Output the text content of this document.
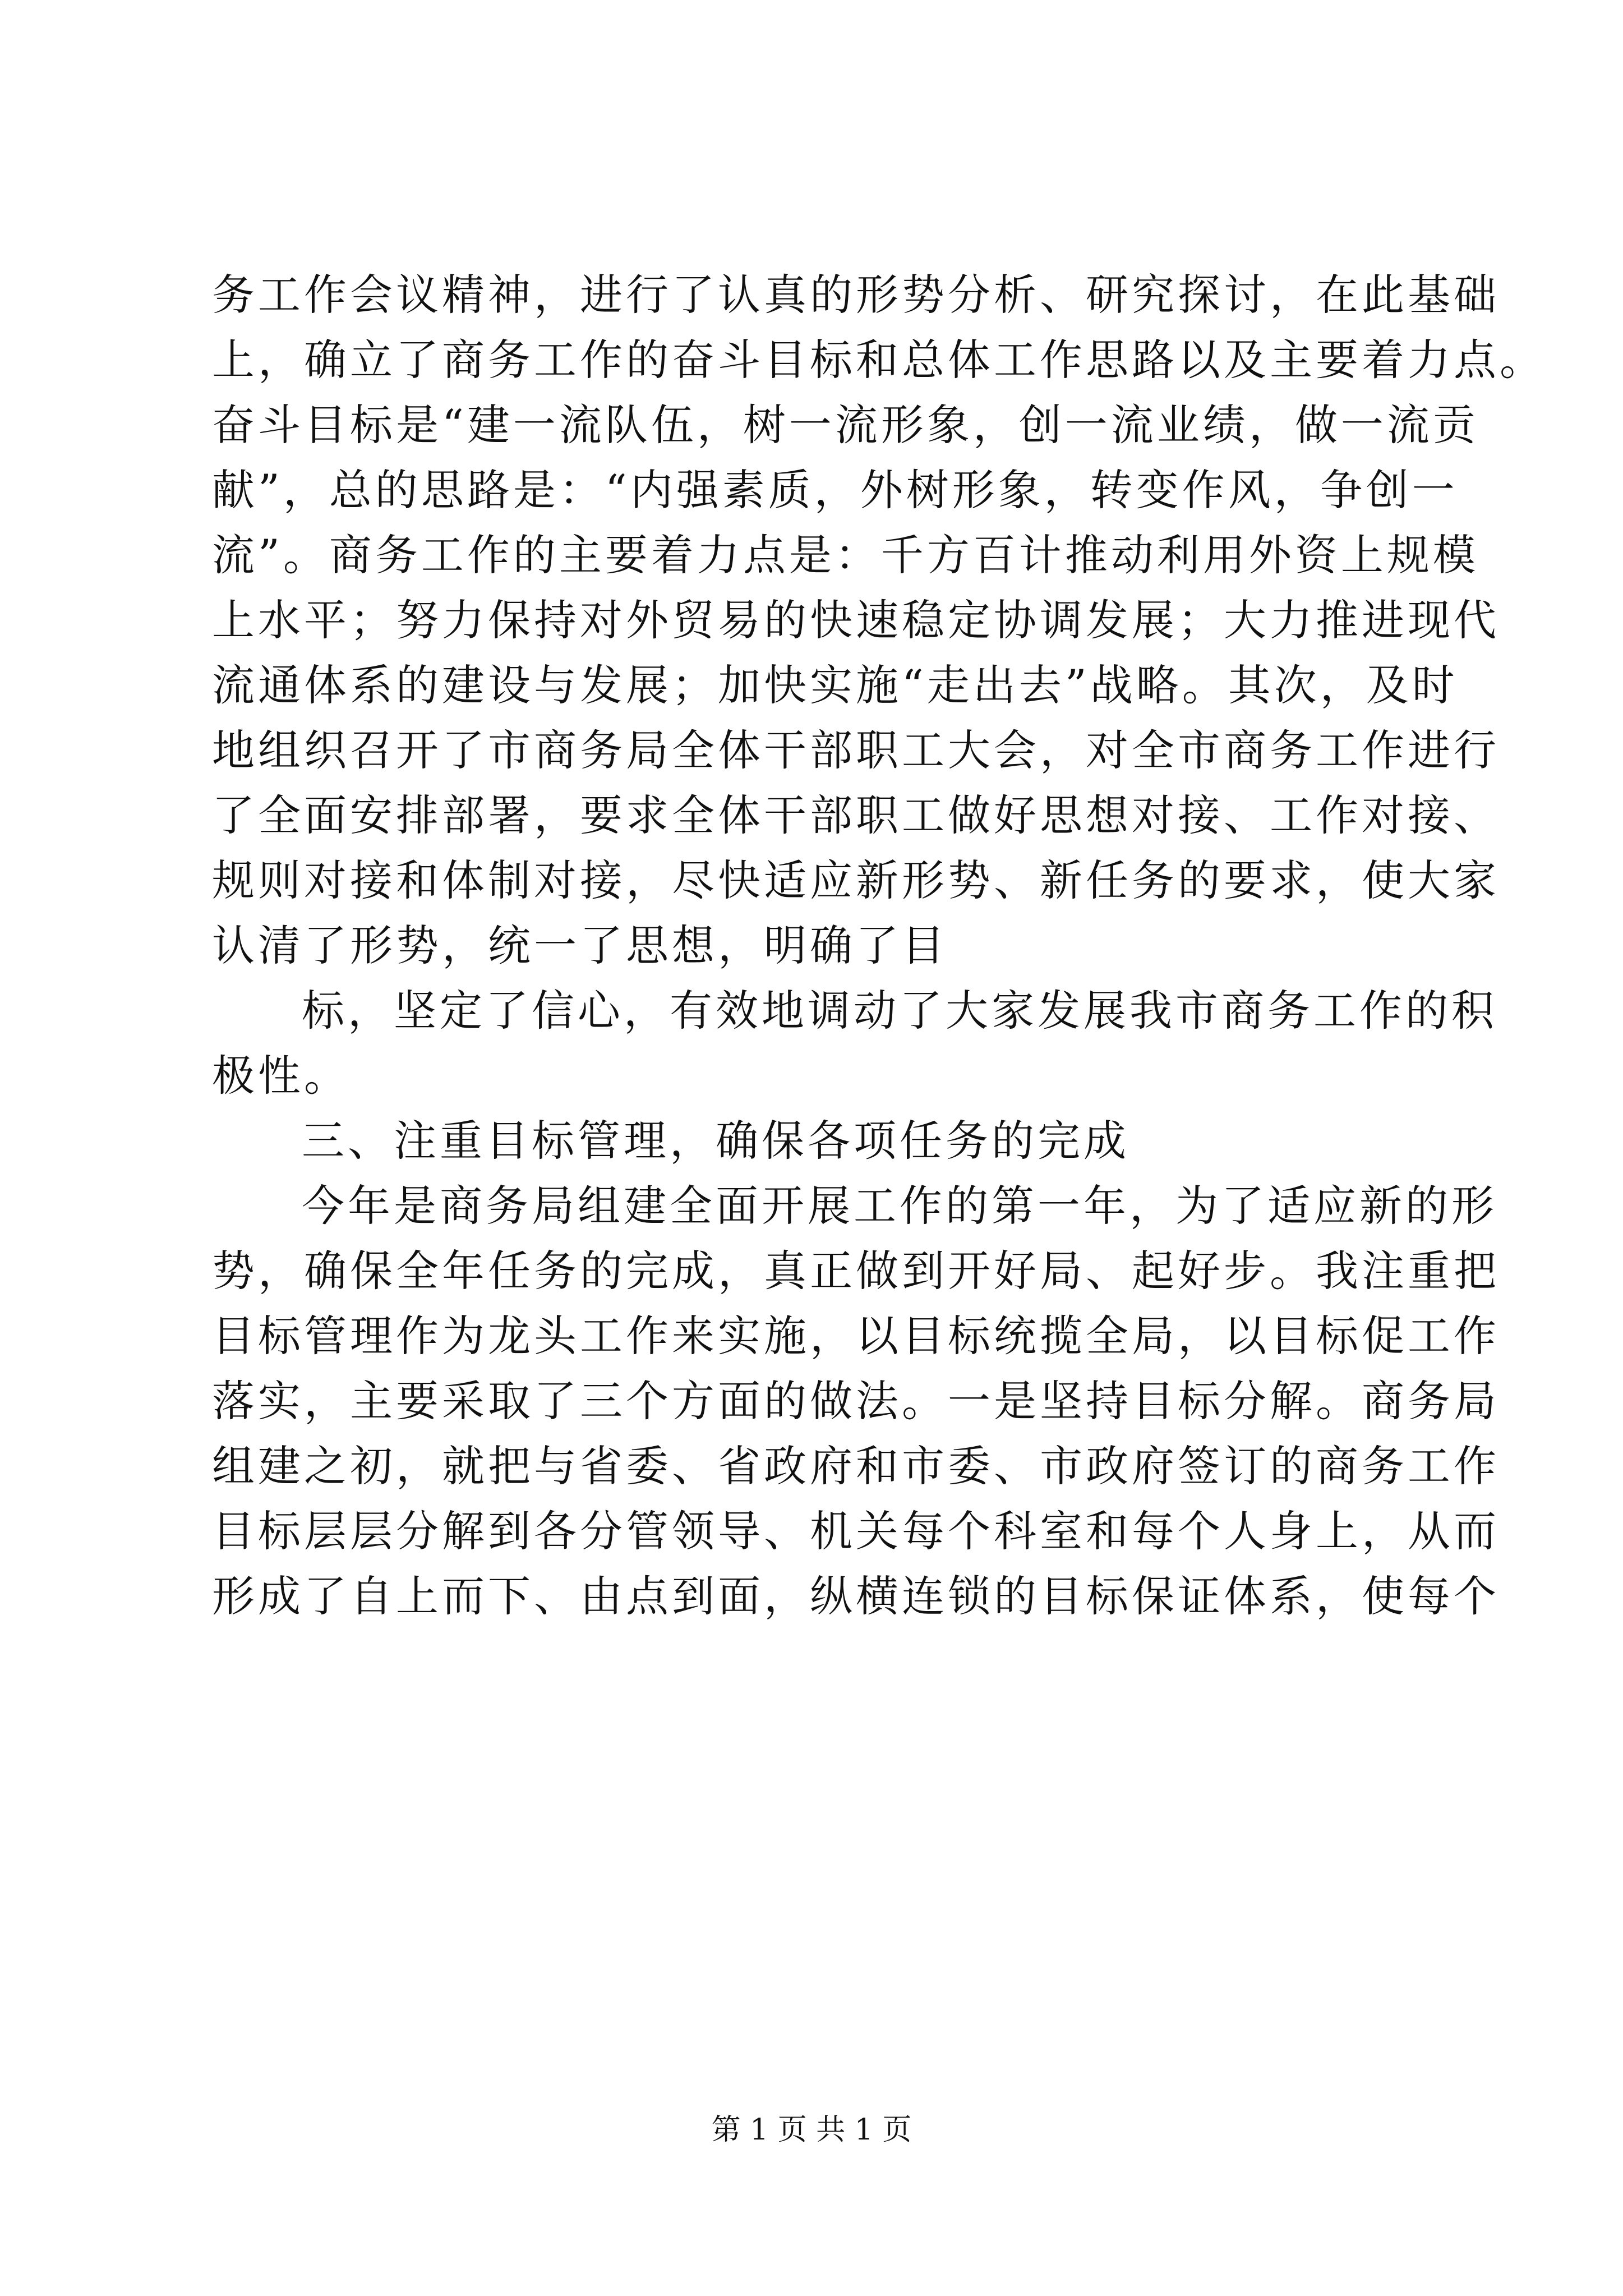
务工作会议精神，进行了认真的形势分析、研究探讨，在此基础
上，确立了商务工作的奋斗目标和总体工作思路以及主要着力点。
奋斗目标是“建一流队伍，树一流形象，创一流业绩，做一流贡
献”，总的思路是：“内强素质，外树形象，转变作风，争创一
流”。商务工作的主要着力点是：千方百计推动利用外资上规模
上水平；努力保持对外贸易的快速稳定协调发展；大力推进现代
流通体系的建设与发展；加快实施“走出去”战略。其次，及时
地组织召开了市商务局全体干部职工大会，对全市商务工作进行
了全面安排部署，要求全体干部职工做好思想对接、工作对接、
规则对接和体制对接，尽快适应新形势、新任务的要求，使大家
认清了形势，统一了思想，明确了目
标，坚定了信心，有效地调动了大家发展我市商务工作的积
极性。
三、注重目标管理，确保各项任务的完成
今年是商务局组建全面开展工作的第一年，为了适应新的形
势，确保全年任务的完成，真正做到开好局、起好步。我注重把
目标管理作为龙头工作来实施，以目标统揽全局，以目标促工作
落实，主要采取了三个方面的做法。一是坚持目标分解。商务局
组建之初，就把与省委、省政府和市委、市政府签订的商务工作
目标层层分解到各分管领导、机关每个科室和每个人身上，从而
形成了自上而下、由点到面，纵横连锁的目标保证体系，使每个
第 1 页 共 1 页
